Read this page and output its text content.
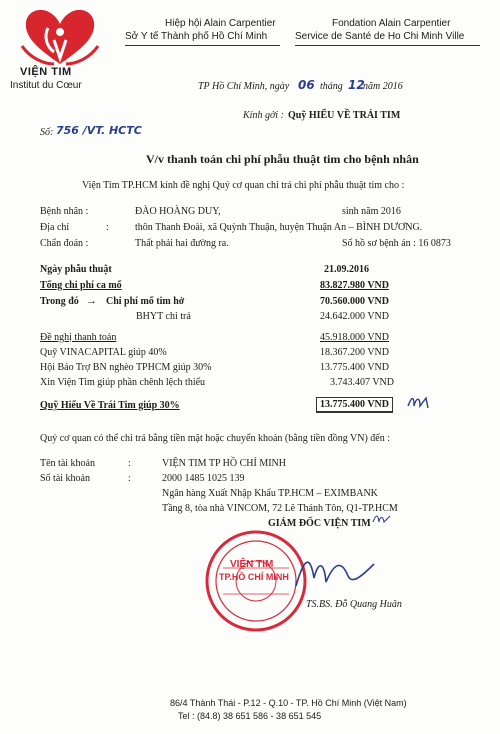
VIỆN TIM
Institut du Cœur
Hiệp hội Alain Carpentier
Sở Y tế Thành phố Hồ Chí Minh
Fondation Alain Carpentier
Service de Santé de Ho Chi Minh Ville
TP Hồ Chí Minh, ngày 06 tháng 12
năm 2016
Kính gởi : Quỹ HIỂU VỀ TRÁI TIM
Số: 756 /VT. HCTC
V/v thanh toán chi phí phẫu thuật tim cho bệnh nhân
Viện Tim TP.HCM kính đề nghị Quý cơ quan chi trả chi phí phẫu thuật tim cho :
Bệnh nhân :	ĐÀO HOÀNG DUY,	sinh năm 2016
Địa chỉ	:	thôn Thanh Đoài, xã Quỳnh Thuận, huyện Thuận An – BÌNH DƯƠNG.
Chẩn đoán :	Thất phải hai đường ra.	Số hồ sơ bệnh án : 16 0873
Ngày phẫu thuật	21.09.2016
Tổng chi phí ca mổ	83.827.980 VND
Trong đó → Chi phí mổ tim hở	70.560.000 VND
BHYT chi trả	24.642.000 VND
Đề nghị thanh toán	45.918.000 VND
Quỹ VINACAPITAL giúp 40%	18.367.200 VND
Hội Bảo Trợ BN nghèo TPHCM giúp 30%	13.775.400 VND
Xin Viện Tim giúp phần chênh lệch thiếu	3.743.407 VND
Quỹ Hiểu Về Trái Tim giúp 30%	13.775.400 VND
Quý cơ quan có thể chi trả bằng tiền mặt hoặc chuyển khoản (bằng tiền đồng VN) đến :
Tên tài khoản	:	VIỆN TIM TP HỒ CHÍ MINH
Số tài khoản	:	2000 1485 1025 139
Ngân hàng Xuất Nhập Khẩu TP.HCM – EXIMBANK
Tầng 8, tòa nhà VINCOM, 72 Lê Thánh Tôn, Q1-TP.HCM
GIÁM ĐỐC VIỆN TIM
VIỆN TIM
TP.HỒ CHÍ MINH
TS.BS. Đỗ Quang Huân
86/4 Thành Thái - P.12 - Q.10 - TP. Hồ Chí Minh (Việt Nam)
Tel : (84.8) 38 651 586 - 38 651 545
